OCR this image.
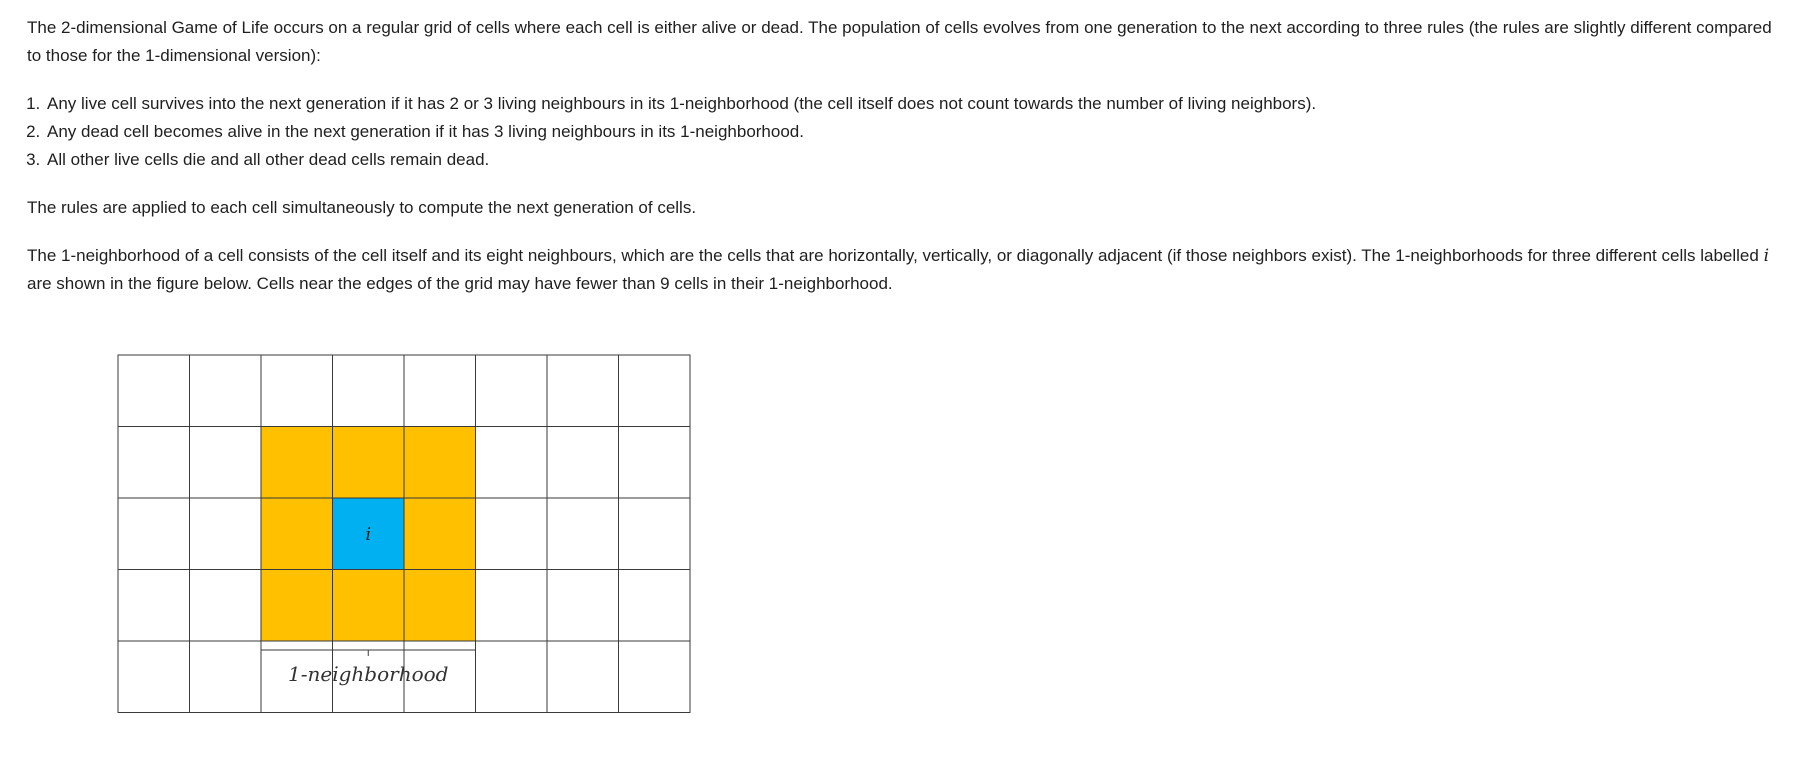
The 2-dimensional Game of Life occurs on a regular grid of cells where each cell is either alive or dead. The population of cells evolves from one generation to the next according to three rules (the rules are slightly different compared to those for the 1-dimensional version):

1. Any live cell survives into the next generation if it has 2 or 3 living neighbours in its 1-neighborhood (the cell itself does not count towards the number of living neighbors).
2. Any dead cell becomes alive in the next generation if it has 3 living neighbours in its 1-neighborhood.
3. All other live cells die and all other dead cells remain dead.

The rules are applied to each cell simultaneously to compute the next generation of cells.

The 1-neighborhood of a cell consists of the cell itself and its eight neighbours, which are the cells that are horizontally, vertically, or diagonally adjacent (if those neighbors exist). The 1-neighborhoods for three different cells labelled i are shown in the figure below. Cells near the edges of the grid may have fewer than 9 cells in their 1-neighborhood.

i
1-neighborhood
